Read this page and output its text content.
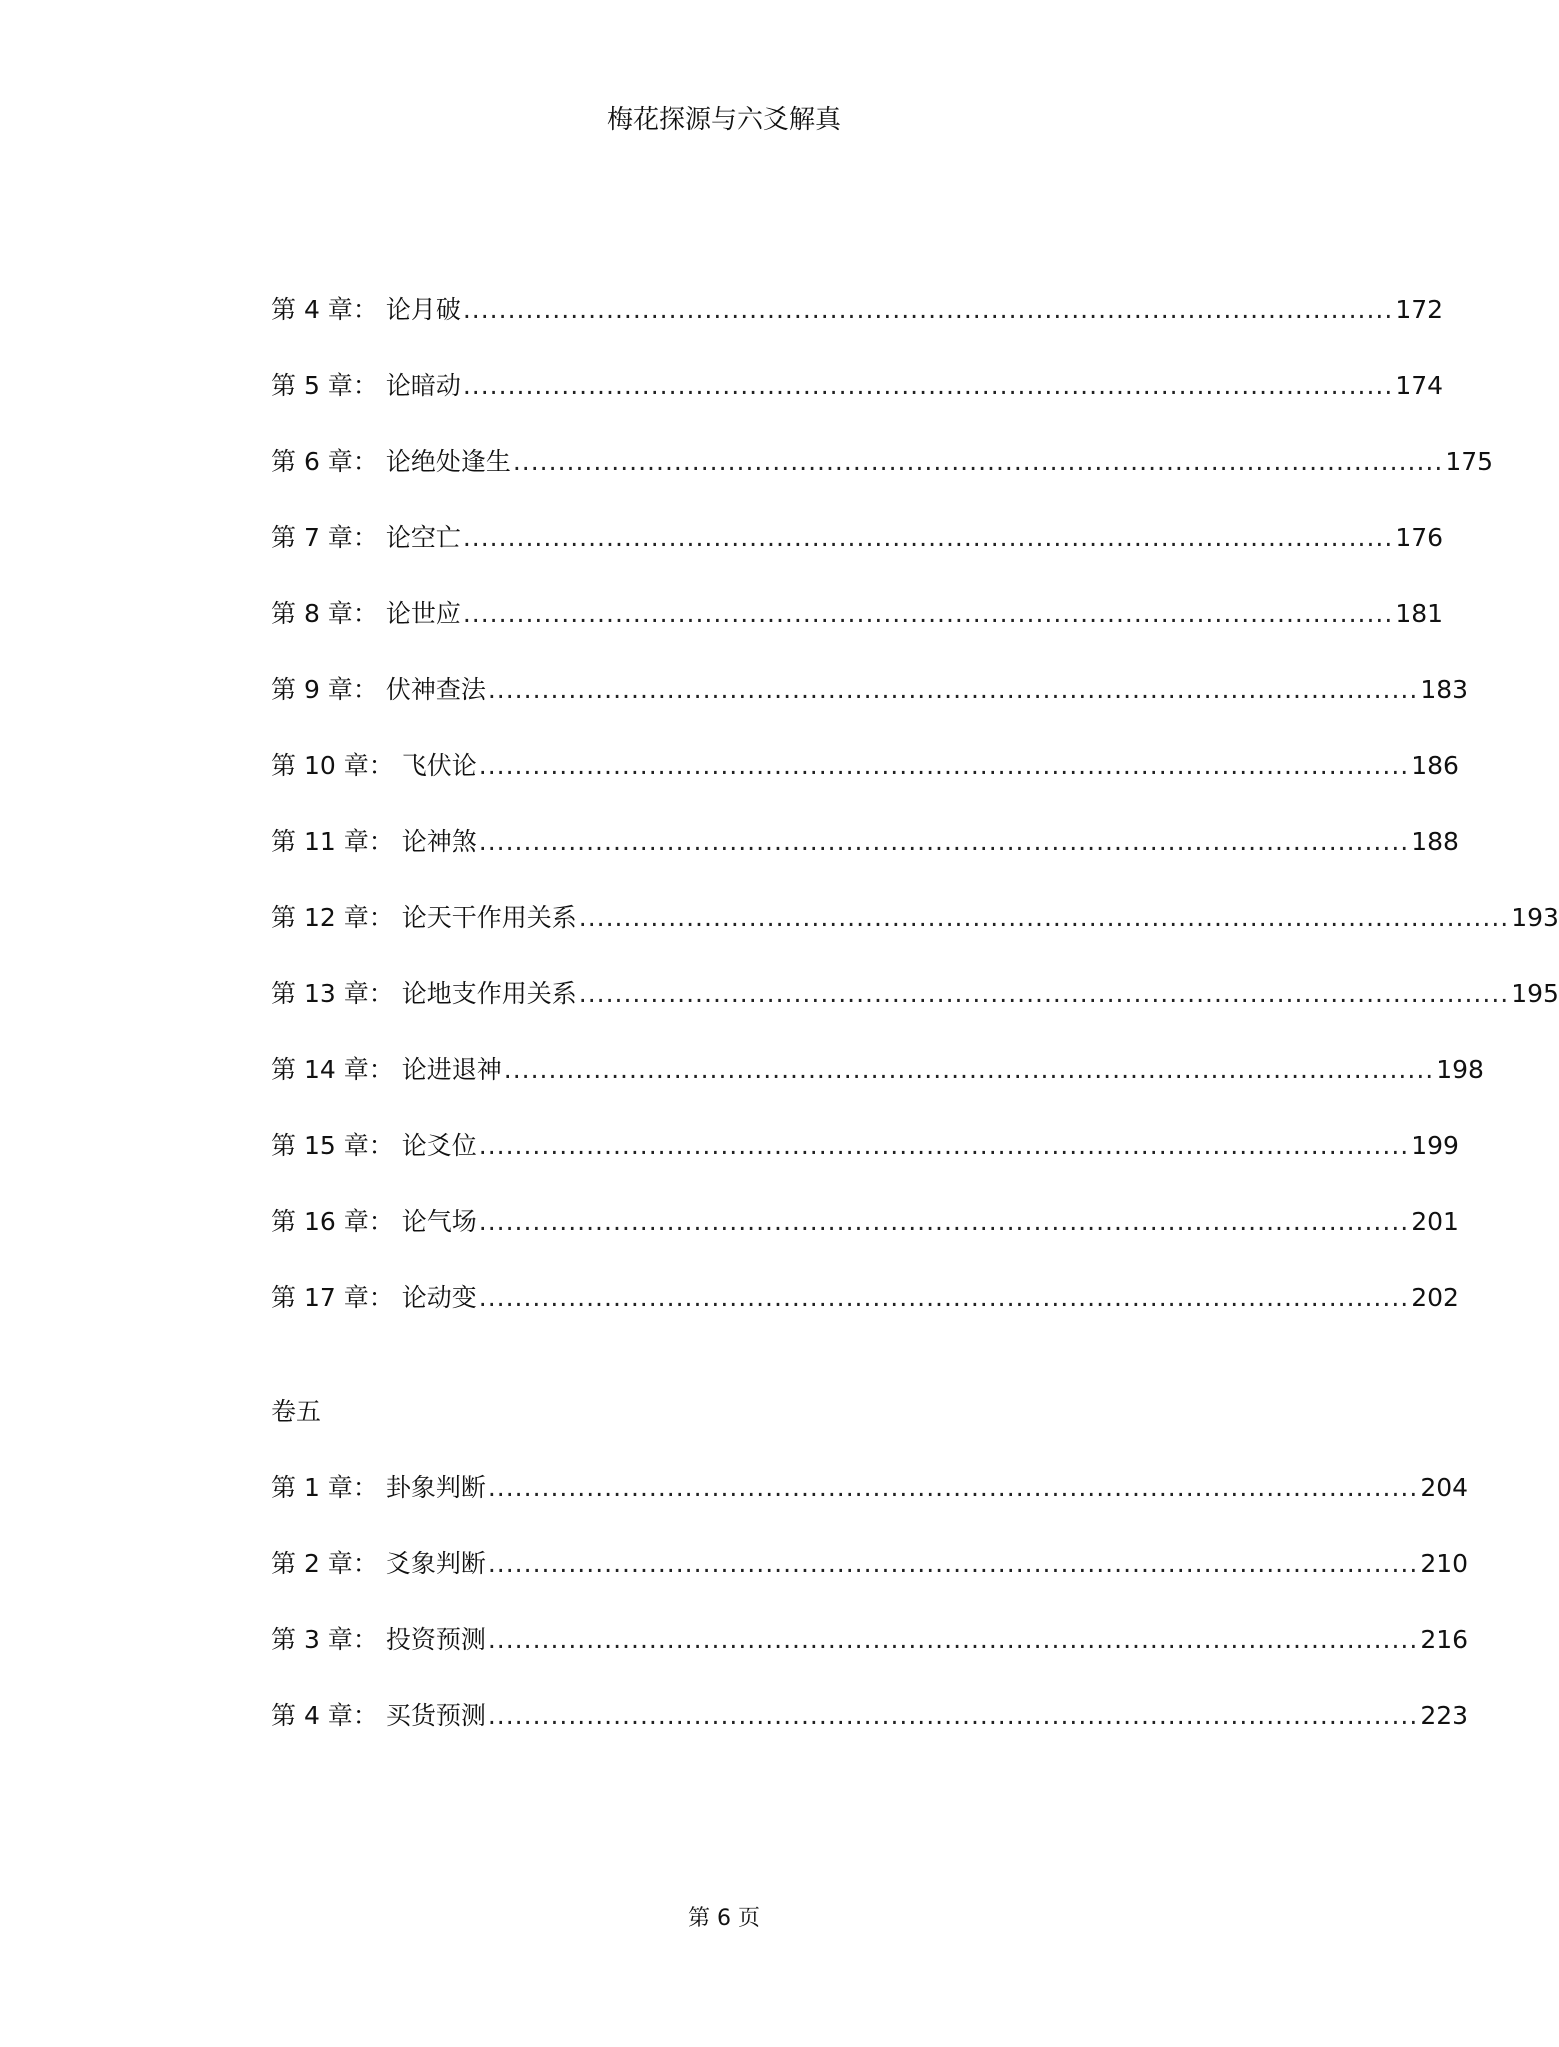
梅花探源与六爻解真
第 4 章 ： 论月破 ........................................................................................................ 172
第 5 章 ： 论暗动 ........................................................................................................ 174
第 6 章 ： 论绝处逢生 ........................................................................................................ 175
第 7 章 ： 论空亡 ........................................................................................................ 176
第 8 章 ： 论世应 ........................................................................................................ 181
第 9 章 ： 伏神查法 ........................................................................................................ 183
第 10 章 ： 飞伏论 ........................................................................................................ 186
第 11 章 ： 论神煞 ........................................................................................................ 188
第 12 章 ： 论天干作用关系 ........................................................................................................ 193
第 13 章 ： 论地支作用关系 ........................................................................................................ 195
第 14 章 ： 论进退神 ........................................................................................................ 198
第 15 章 ： 论爻位 ........................................................................................................ 199
第 16 章 ： 论气场 ........................................................................................................ 201
第 17 章 ： 论动变 ........................................................................................................ 202
卷五
第 1 章 ： 卦象判断 ........................................................................................................ 204
第 2 章 ： 爻象判断 ........................................................................................................ 210
第 3 章 ： 投资预测 ........................................................................................................ 216
第 4 章 ： 买货预测 ........................................................................................................ 223
第 6 页
